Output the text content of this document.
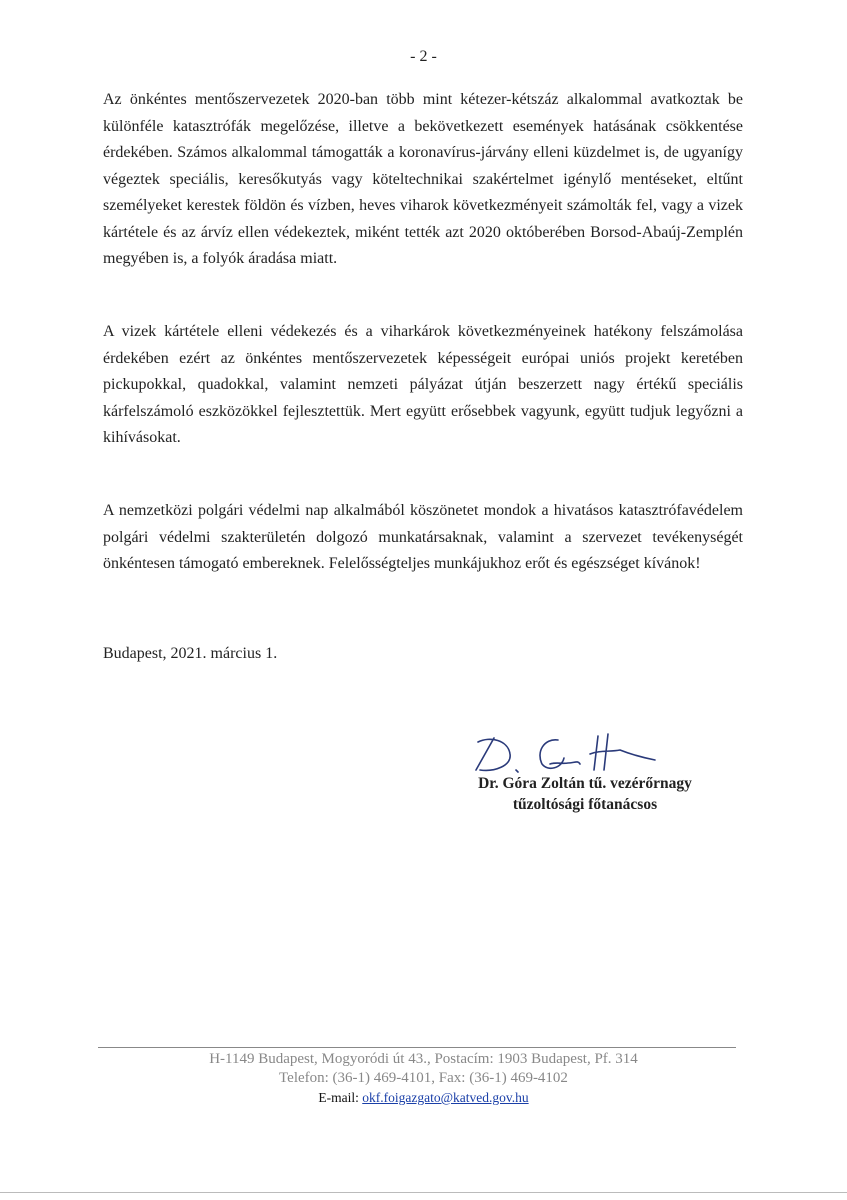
- 2 -

Az önkéntes mentőszervezetek 2020-ban több mint kétezer-kétszáz alkalommal avatkoztak be különféle katasztrófák megelőzése, illetve a bekövetkezett események hatásának csökkentése érdekében. Számos alkalommal támogatták a koronavírus-járvány elleni küzdelmet is, de ugyanígy végeztek speciális, keresőkutyás vagy köteltechnikai szakértelmet igénylő mentéseket, eltűnt személyeket kerestek földön és vízben, heves viharok következményeit számolták fel, vagy a vizek kártétele és az árvíz ellen védekeztek, miként tették azt 2020 októberében Borsod-Abaúj-Zemplén megyében is, a folyók áradása miatt.

A vizek kártétele elleni védekezés és a viharkárok következményeinek hatékony felszámolása érdekében ezért az önkéntes mentőszervezetek képességeit európai uniós projekt keretében pickupokkal, quadokkal, valamint nemzeti pályázat útján beszerzett nagy értékű speciális kárfelszámoló eszközökkel fejlesztettük. Mert együtt erősebbek vagyunk, együtt tudjuk legyőzni a kihívásokat.

A nemzetközi polgári védelmi nap alkalmából köszönetet mondok a hivatásos katasztrófavédelem polgári védelmi szakterületén dolgozó munkatársaknak, valamint a szervezet tevékenységét önkéntesen támogató embereknek. Felelősségteljes munkájukhoz erőt és egészséget kívánok!

Budapest, 2021. március 1.
Dr. Góra Zoltán tű. vezérőrnagy
tűzoltósági főtanácsos
H-1149 Budapest, Mogyoródi út 43., Postacím: 1903 Budapest, Pf. 314
Telefon: (36-1) 469-4101, Fax: (36-1) 469-4102
E-mail: okf.foigazgato@katved.gov.hu
